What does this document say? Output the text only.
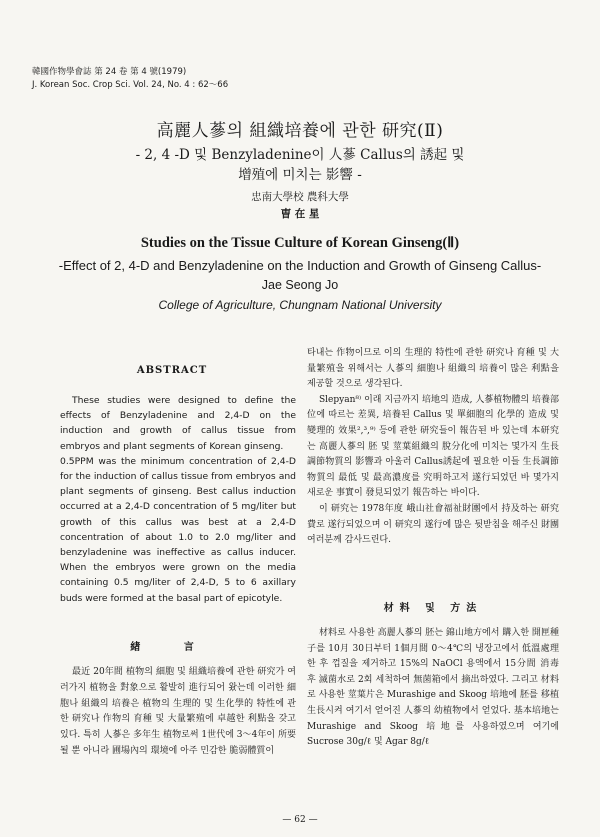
韓國作物學會誌 第 24 卷 第 4 號(1979)
J. Korean Soc. Crop Sci. Vol. 24, No. 4 : 62～66
高麗人蔘의 組織培養에 관한 研究(Ⅱ)
- 2, 4 -D 및 Benzyladenine이 人蔘 Callus의 誘起 및
增殖에 미치는 影響 -
忠南大學校 農科大學
曺 在 星
Studies on the Tissue Culture of Korean Ginseng(Ⅱ)
-Effect of 2, 4-D and Benzyladenine on the Induction and Growth of Ginseng Callus-
Jae Seong Jo
College of Agriculture, Chungnam National University
ABSTRACT

These studies were designed to define the effects of Benzyladenine and 2,4-D on the induction and growth of callus tissue from embryos and plant segments of Korean ginseng.

0.5PPM was the minimum concentration of 2,4-D for the induction of callus tissue from embryos and plant segments of ginseng. Best callus induction occurred at a 2,4-D concentration of 5 mg/liter but growth of this callus was best at a 2,4-D concentration of about 1.0 to 2.0 mg/liter and benzyladenine was ineffective as callus inducer. When the embryos were grown on the media containing 0.5 mg/liter of 2,4-D, 5 to 6 axillary buds were formed at the basal part of epicotyle.

緖 言
最近 20年間 植物의 細胞 및 組織培養에 관한 研究가 여러가지 植物을 對象으로 활발히 進行되어 왔는데 이러한 細胞나 組織의 培養은 植物의 生理的 및 生化學的 特性에 관한 研究나 作物의 育種 및 大量繁殖에 卓越한 利點을 갖고 있다. 특히 人蔘은 多年生 植物로써 1世代에 3～4年이 所要될 뿐 아니라 圃場內의 環境에 아주 민감한 脆弱體質이
타내는 作物이므로 이의 生理的 特性에 관한 研究나 育種 및 大量繁殖을 위해서는 人蔘의 細胞나 組織의 培養이 많은 利點을 제공할 것으로 생각된다.
Slepyan⁸⁾ 이래 지금까지 培地의 造成, 人蔘植物體의 培養部位에 따르는 差異, 培養된 Callus 및 單細胞의 化學的 造成 및 變理的 效果²,³,⁹⁾ 등에 관한 研究들이 報告된 바 있는데 本研究는 高麗人蔘의 胚 및 莖葉組織의 脫分化에 미치는 몇가지 生長調節物質의 影響과 아울러 Callus誘起에 필요한 이들 生長調節物質의 最低 및 最高濃度를 究明하고저 遂行되었던 바 몇가지 새로운 事實이 發見되었기 報告하는 바이다.
이 研究는 1978年度 峨山社會福祉財團에서 持及하는 研究費로 遂行되었으며 이 研究의 遂行에 많은 뒷받침을 해주신 財團여러분께 감사드린다.
材料 및 方法
材料로 사용한 高麗人蔘의 胚는 錦山地方에서 購入한 開匣種子를 10月 30日부터 1個月間 0～4℃의 냉장고에서 低溫處理한 후 껍질을 제거하고 15%의 NaOCl 용액에서 15分間 消毒 후 滅菌水로 2회 세척하여 無菌箱에서 摘出하였다. 그리고 材料로 사용한 莖葉片은 Murashige and Skoog 培地에 胚를 移植生長시켜 여기서 얻어진 人蔘의 幼植物에서 얻었다. 基本培地는 Murashige and Skoog 培地를 사용하였으며 여기에 Sucrose 30g/ℓ 및 Agar 8g/ℓ
— 62 —
